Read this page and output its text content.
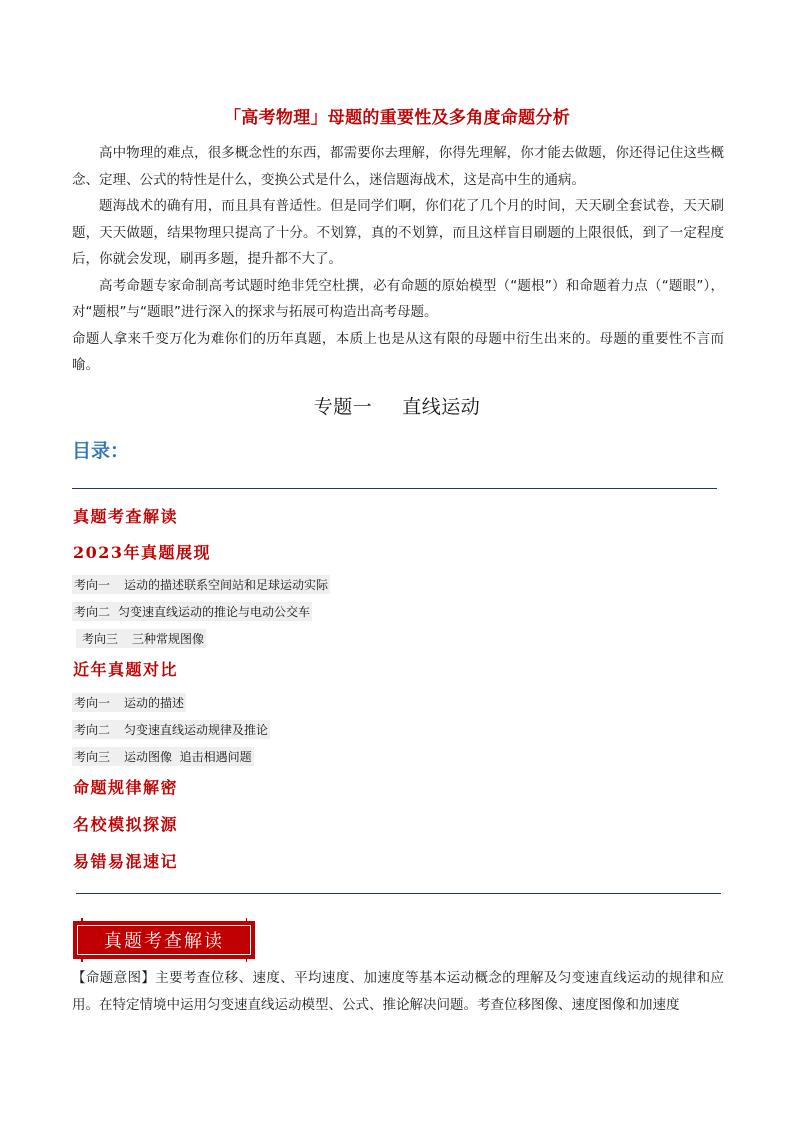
「高考物理」母题的重要性及多角度命题分析

高中物理的难点，很多概念性的东西，都需要你去理解，你得先理解，你才能去做题，你还得记住这些概念、定理、公式的特性是什么，变换公式是什么，迷信题海战术，这是高中生的通病。

题海战术的确有用，而且具有普适性。但是同学们啊，你们花了几个月的时间，天天刷全套试卷，天天刷题，天天做题，结果物理只提高了十分。不划算，真的不划算，而且这样盲目刷题的上限很低，到了一定程度后，你就会发现，刷再多题，提升都不大了。

高考命题专家命制高考试题时绝非凭空杜撰，必有命题的原始模型（“题根”）和命题着力点（“题眼”），对“题根”与“题眼”进行深入的探求与拓展可构造出高考母题。

命题人拿来千变万化为难你们的历年真题，本质上也是从这有限的母题中衍生出来的。母题的重要性不言而喻。

专题一 直线运动
目录：
真题考查解读
2023年真题展现
考向一 运动的描述联系空间站和足球运动实际
考向二 匀变速直线运动的推论与电动公交车
考向三 三种常规图像
近年真题对比
考向一 运动的描述
考向二 匀变速直线运动规律及推论
考向三 运动图像  追击相遇问题
命题规律解密
名校模拟探源
易错易混速记
真题考查解读
【命题意图】主要考查位移、速度、平均速度、加速度等基本运动概念的理解及匀变速直线运动的规律和应用。在特定情境中运用匀变速直线运动模型、公式、推论解决问题。考查位移图像、速度图像和加速度
